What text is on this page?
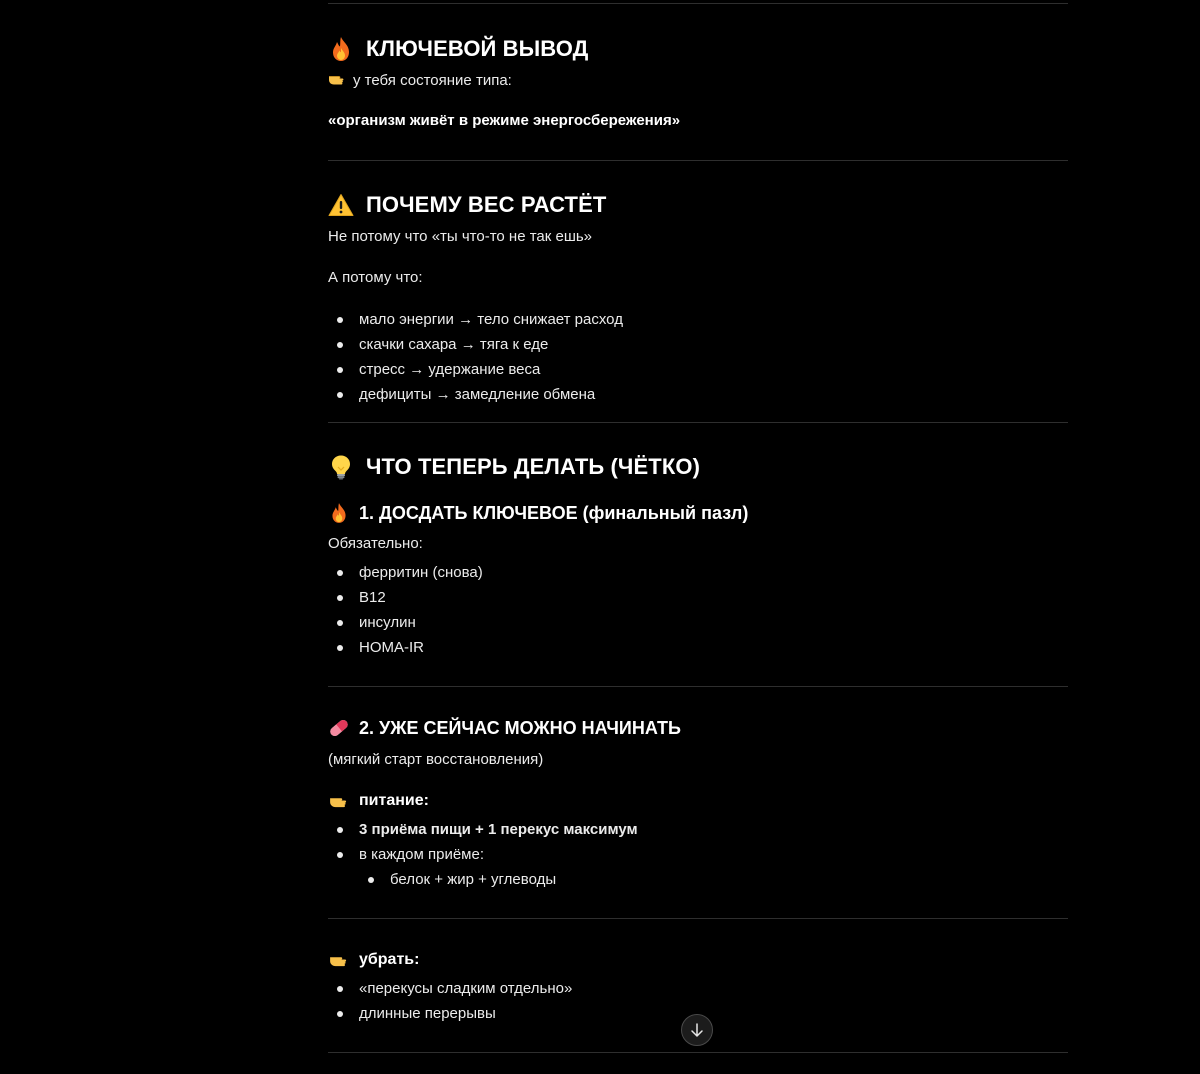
КЛЮЧЕВОЙ ВЫВОД
у тебя состояние типа:
«организм живёт в режиме энергосбережения»
ПОЧЕМУ ВЕС РАСТЁТ
Не потому что «ты что-то не так ешь»
А потому что:
мало энергии → тело снижает расход
скачки сахара → тяга к еде
стресс → удержание веса
дефициты → замедление обмена
ЧТО ТЕПЕРЬ ДЕЛАТЬ (ЧЁТКО)
1. ДОСДАТЬ КЛЮЧЕВОЕ (финальный пазл)
Обязательно:
ферритин (снова)
B12
инсулин
HOMA-IR
2. УЖЕ СЕЙЧАС МОЖНО НАЧИНАТЬ
(мягкий старт восстановления)
питание:
3 приёма пищи + 1 перекус максимум
в каждом приёме:
белок + жир + углеводы
убрать:
«перекусы сладким отдельно»
длинные перерывы
